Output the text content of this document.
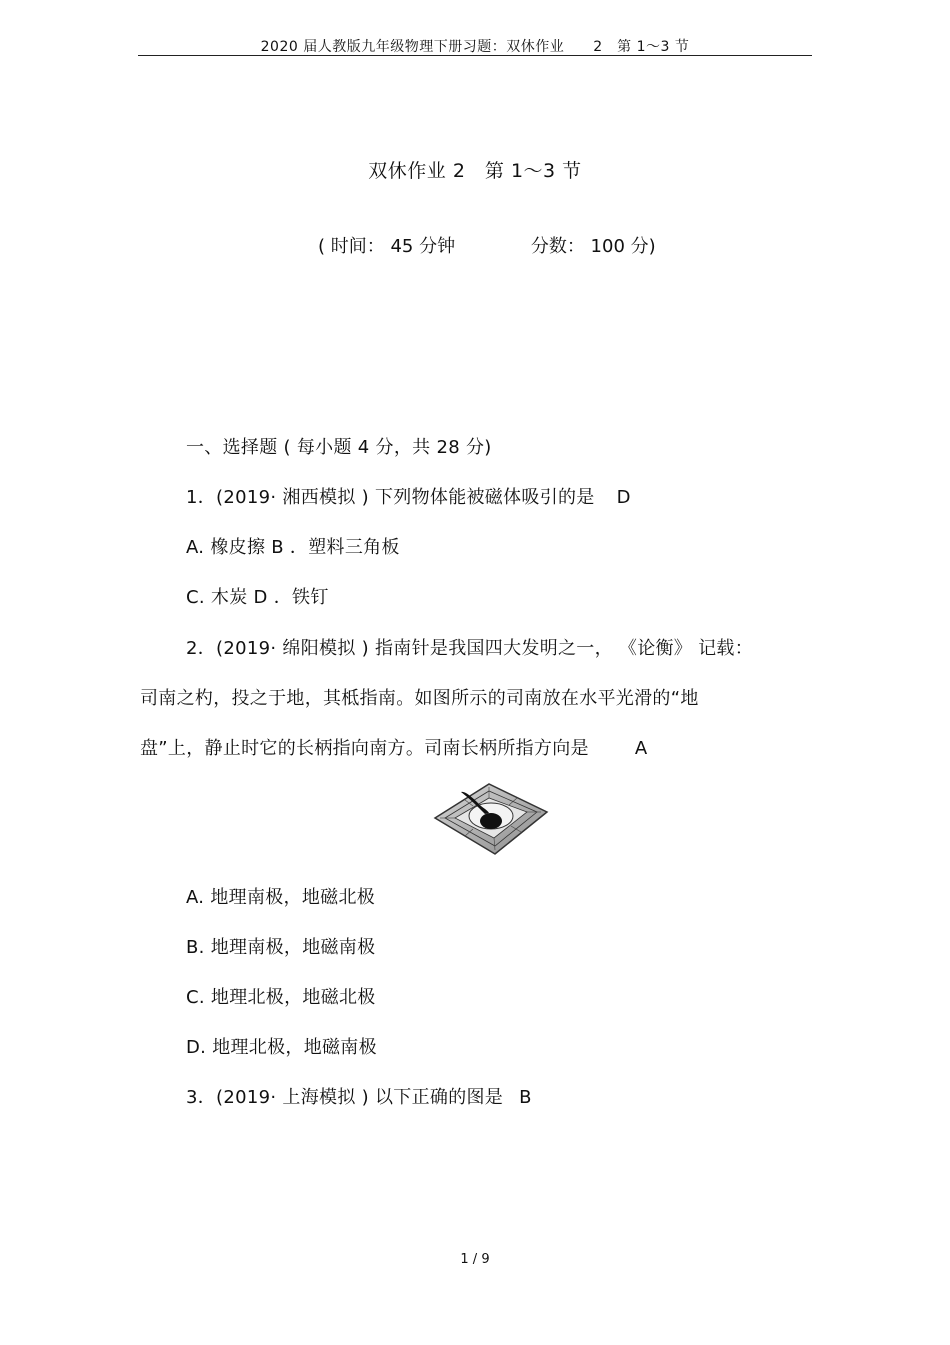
2020 届人教版九年级物理下册习题：双休作业　　2　第 1～3 节
双休作业 2　第 1～3 节
( 时间： 45 分钟	分数： 100 分)
一、选择题 ( 每小题 4 分，共 28 分)
1．(2019· 湘西模拟 ) 下列物体能被磁体吸引的是 D
A. 橡皮擦 B ．塑料三角板
C. 木炭 D ．铁钉
2．(2019· 绵阳模拟 ) 指南针是我国四大发明之一， 《论衡》 记载：
司南之杓，投之于地，其柢指南。如图所示的司南放在水平光滑的“地
盘”上，静止时它的长柄指向南方。司南长柄所指方向是	A
A. 地理南极，地磁北极
B. 地理南极，地磁南极
C. 地理北极，地磁北极
D. 地理北极，地磁南极
3．(2019· 上海模拟 ) 以下正确的图是 B
1 / 9
